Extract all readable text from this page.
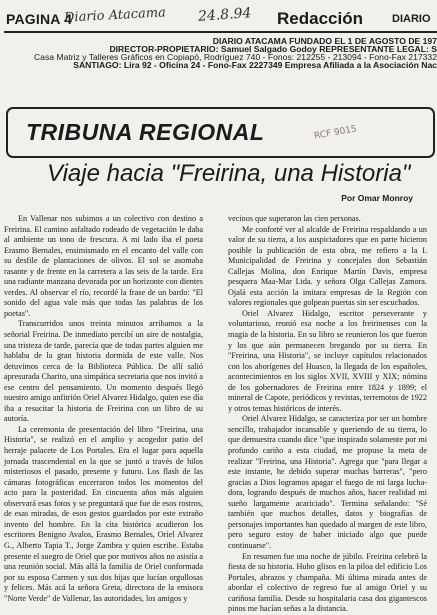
PAGINA 4
Diario Atacama 24.8.94 Redacción	DIARIO
DIARIO ATACAMA FUNDADO EL 1 DE AGOSTO DE 197
DIRECTOR-PROPIETARIO: Samuel Salgado Godoy REPRESENTANTE LEGAL: S
Casa Matriz y Talleres Gráficos en Copiapó, Rodríguez 740 - Fonos: 212255 - 213094 - Fono-Fax 217332
SANTIAGO: Lira 92 - Oficina 24 - Fono-Fax 2227349 Empresa Afiliada a la Asociación Nac
TRIBUNA REGIONAL	RCF 9015
Viaje hacia "Freirina, una Historia"
Por Omar Monroy

En Vallenar nos subimos a un colectivo con destino a Freirina. El camino asfaltado rodeado de vegetación le daba al ambiente un tono de frescura. A mi lado iba el poeta Erasmo Bernales, ensimismado en el encanto del valle con su desfile de plantaciones de olivos. El sol se asomaba rasante y de frente en la carretera a las seis de la tarde. Era una radiante manzana devorada por un horizonte con dientes verdes. Al observar el río, recordé la frase de un bardo: "El sonido del agua vale más que todas las palabras de los poetas".

Transcurridos unos treinta minutos arribamos a la señorial Freirina. De inmediato percibí un aire de nostalgia, una tristeza de tarde, parecía que de todas partes alguien me hablaba de la gran historia dormida de este valle. Nos detuvimos cerca de la Biblioteca Pública. De allí salió apresurada Charito, una simpática secretaria que nos invitó a ese centro del pensamiento. Un momento después llegó nuestro amigo anfitrión Oriel Alvarez Hidalgo, quien ese día iba a resucitar la historia de Freirina con un libro de su autoría.

La ceremonia de presentación del libro "Freirina, una Historia", se realizó en el amplio y acogedor patio del herraje palacete de Los Portales. Era el lugar para aquella jornada trascendental en la que se juntó a través de hilos misteriosos el pasado, presente y futuro. Los flash de las cámaras fotográficas encerraron todos los momentos del acto para la posteridad. En cincuenta años más alguien observará esas fotos y se preguntará que fue de esos rostros, de esas miradas, de esos gestos guardados por este extraño invento del hombre. En la cita histórica acudieron los escritores Benigno Avalos, Erasmo Bernales, Oriel Alvarez G., Alberto Tapia T., Jorge Zambra y quien escribe. Estaba presente el suegro de Oriel que por motivos años no asistía a una reunión social. Más allá la familia de Oriel conformada por su esposa Carmen y sus dos hijas que lucían orgullosas y felices. Más acá la señora Greta, directora de la emisora "Norte Verde" de Vallenar, las autoridades, los amigos y

vecinos que superaron las cien personas.

Me conforté ver al alcalde de Freirina respaldando a un valor de su tierra, a los auspiciadores que en parte hicieron posible la publicación de esta obra, me refiero a la I. Municipalidad de Freirina y concejales don Sebastián Callejas Molina, don Enrique Martín Davis, empresa pesquera Maa-Mar Ltda. y señora Olga Callejas Zamora. Ojalá esta acción la imitara empresas de la Región con valores regionales que golpean puertas sin ser escuchados.

Oriel Alvarez Hidalgo, escritor perseverante y voluntarioso, reunió esa noche a los freirinenses con la magia de la historia. En su libro se reunieron los que fueron y los que aún permanecen bregando por su tierra. En "Freirina, una Historia", se incluye capítulos relacionados con los aborígenes del Huasco, la llegada de los españoles, acontecimientos en los siglos XVII, XVIII y XIX; nómina de los gobernadores de Freirina entre 1824 y 1899; el mineral de Capote, periódicos y revistas, terremotos de 1922 y otros temas históricos de interés.

Oriel Alvarez Hidalgo, se caracteriza por ser un hombre sencillo, trabajador incansable y queriendo de su tierra, lo que demuestra cuando dice "que inspirado solamente por mi profundo cariño a esta ciudad, me propuse la meta de realizar "Freirina, una Historia". Agrega que "para llegar a este instante, he debido superar muchas barreras", "pero gracias a Dios logramos apagar el fuego de mi larga lucha-dora, logrando después de muchos años, hacer realidad mi sueño largamente acariciado". Termina señalando: "Sé también que muchos detalles, datos y biografías de personajes importantes han quedado al margen de este libro, pero seguro estoy de haber iniciado algo que puede continuarse".

En resumen fue una noche de júbilo. Freirina celebró la fiesta de su historia. Hubo glisos en la piloa del edificio Los Portales, abrazos y champaña. Mi última mirada antes de abordar el colectivo de regreso fue al amigo Oriel y su cariñosa familia. Desde su hospitalaria casa dos gigantescos pinos me hacían señas a la distancia.
